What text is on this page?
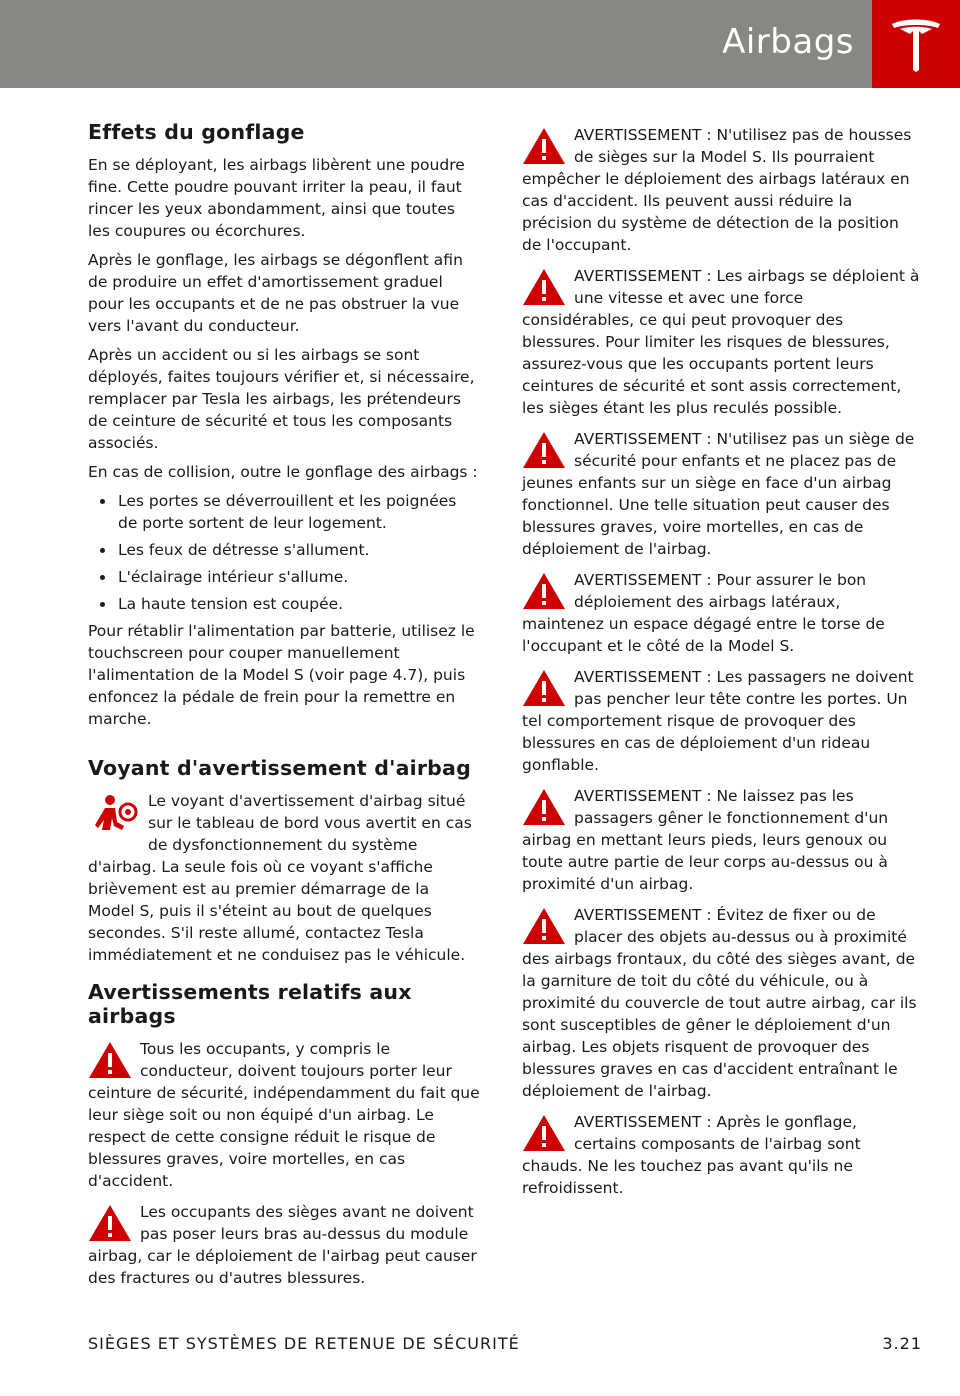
Airbags
Effets du gonflage

En se déployant, les airbags libèrent une poudre fine. Cette poudre pouvant irriter la peau, il faut rincer les yeux abondamment, ainsi que toutes les coupures ou écorchures.

Après le gonflage, les airbags se dégonflent afin de produire un effet d'amortissement graduel pour les occupants et de ne pas obstruer la vue vers l'avant du conducteur.

Après un accident ou si les airbags se sont déployés, faites toujours vérifier et, si nécessaire, remplacer par Tesla les airbags, les prétendeurs de ceinture de sécurité et tous les composants associés.

En cas de collision, outre le gonflage des airbags :

Les portes se déverrouillent et les poignées de porte sortent de leur logement.
Les feux de détresse s'allument.
L'éclairage intérieur s'allume.
La haute tension est coupée.

Pour rétablir l'alimentation par batterie, utilisez le touchscreen pour couper manuellement l'alimentation de la Model S (voir page 4.7), puis enfoncez la pédale de frein pour la remettre en marche.

Voyant d'avertissement d'airbag

Le voyant d'avertissement d'airbag situé sur le tableau de bord vous avertit en cas de dysfonctionnement du système d'airbag. La seule fois où ce voyant s'affiche brièvement est au premier démarrage de la Model S, puis il s'éteint au bout de quelques secondes. S'il reste allumé, contactez Tesla immédiatement et ne conduisez pas le véhicule.

Avertissements relatifs aux airbags

Tous les occupants, y compris le conducteur, doivent toujours porter leur ceinture de sécurité, indépendamment du fait que leur siège soit ou non équipé d'un airbag. Le respect de cette consigne réduit le risque de blessures graves, voire mortelles, en cas d'accident.

Les occupants des sièges avant ne doivent pas poser leurs bras au-dessus du module airbag, car le déploiement de l'airbag peut causer des fractures ou d'autres blessures.

AVERTISSEMENT : N'utilisez pas de housses de sièges sur la Model S. Ils pourraient empêcher le déploiement des airbags latéraux en cas d'accident. Ils peuvent aussi réduire la précision du système de détection de la position de l'occupant.

AVERTISSEMENT : Les airbags se déploient à une vitesse et avec une force considérables, ce qui peut provoquer des blessures. Pour limiter les risques de blessures, assurez-vous que les occupants portent leurs ceintures de sécurité et sont assis correctement, les sièges étant les plus reculés possible.

AVERTISSEMENT : N'utilisez pas un siège de sécurité pour enfants et ne placez pas de jeunes enfants sur un siège en face d'un airbag fonctionnel. Une telle situation peut causer des blessures graves, voire mortelles, en cas de déploiement de l'airbag.

AVERTISSEMENT : Pour assurer le bon déploiement des airbags latéraux, maintenez un espace dégagé entre le torse de l'occupant et le côté de la Model S.

AVERTISSEMENT : Les passagers ne doivent pas pencher leur tête contre les portes. Un tel comportement risque de provoquer des blessures en cas de déploiement d'un rideau gonflable.

AVERTISSEMENT : Ne laissez pas les passagers gêner le fonctionnement d'un airbag en mettant leurs pieds, leurs genoux ou toute autre partie de leur corps au-dessus ou à proximité d'un airbag.

AVERTISSEMENT : Évitez de fixer ou de placer des objets au-dessus ou à proximité des airbags frontaux, du côté des sièges avant, de la garniture de toit du côté du véhicule, ou à proximité du couvercle de tout autre airbag, car ils sont susceptibles de gêner le déploiement d'un airbag. Les objets risquent de provoquer des blessures graves en cas d'accident entraînant le déploiement de l'airbag.

AVERTISSEMENT : Après le gonflage, certains composants de l'airbag sont chauds. Ne les touchez pas avant qu'ils ne refroidissent.

SIÈGES ET SYSTÈMES DE RETENUE DE SÉCURITÉ	3.21
